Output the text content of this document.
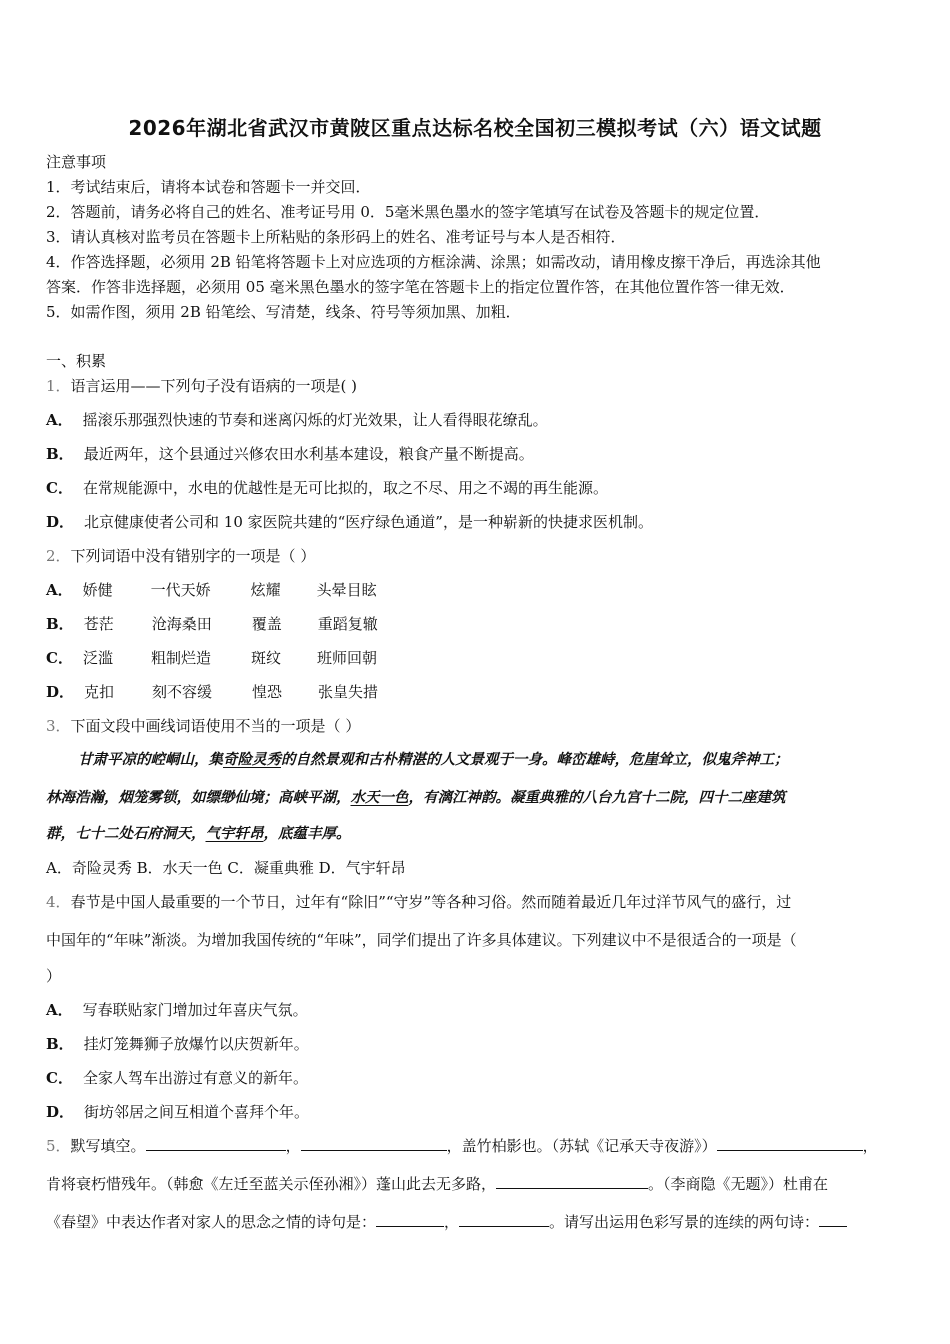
2026年湖北省武汉市黄陂区重点达标名校全国初三模拟考试（六）语文试题
注意事项
1．考试结束后，请将本试卷和答题卡一并交回．
2．答题前，请务必将自己的姓名、准考证号用 0．5毫米黑色墨水的签字笔填写在试卷及答题卡的规定位置．
3．请认真核对监考员在答题卡上所粘贴的条形码上的姓名、准考证号与本人是否相符．
4．作答选择题，必须用 2B 铅笔将答题卡上对应选项的方框涂满、涂黑；如需改动，请用橡皮擦干净后，再选涂其他
答案．作答非选择题，必须用 05 毫米黑色墨水的签字笔在答题卡上的指定位置作答，在其他位置作答一律无效．
5．如需作图，须用 2B 铅笔绘、写清楚，线条、符号等须加黑、加粗．
一、积累
1．语言运用——下列句子没有语病的一项是( )
A． 摇滚乐那强烈快速的节奏和迷离闪烁的灯光效果，让人看得眼花缭乱。
B． 最近两年，这个县通过兴修农田水利基本建设，粮食产量不断提高。
C． 在常规能源中，水电的优越性是无可比拟的，取之不尽、用之不竭的再生能源。
D． 北京健康使者公司和 10 家医院共建的“医疗绿色通道”，是一种崭新的快捷求医机制。
2．下列词语中没有错别字的一项是（ ）
A． 娇健	一代天娇	炫耀 头晕目眩
B． 苍茫	沧海桑田	覆盖 重蹈复辙
C． 泛滥	粗制烂造	斑纹 班师回朝
D． 克扣	刻不容缓	惶恐 张皇失措
3．下面文段中画线词语使用不当的一项是（ ）
甘肃平凉的崆峒山，集奇险灵秀的自然景观和古朴精湛的人文景观于一身。峰峦雄峙，危崖耸立，似鬼斧神工；
林海浩瀚，烟笼雾锁，如缥缈仙境；高峡平湖，水天一色，有漓江神韵。凝重典雅的八台九宫十二院，四十二座建筑
群，七十二处石府洞天，气宇轩昂，底蕴丰厚。
A．奇险灵秀 B．水天一色 C．凝重典雅 D．气宇轩昂
4．春节是中国人最重要的一个节日，过年有“除旧”“守岁”等各种习俗。然而随着最近几年过洋节风气的盛行，过
中国年的“年味”渐淡。为增加我国传统的“年味”，同学们提出了许多具体建议。下列建议中不是很适合的一项是（
）
A． 写春联贴家门增加过年喜庆气氛。
B． 挂灯笼舞狮子放爆竹以庆贺新年。
C． 全家人驾车出游过有意义的新年。
D． 街坊邻居之间互相道个喜拜个年。
5．默写填空。	，	，盖竹柏影也。（苏轼《记承天寺夜游》）	，
肯将衰朽惜残年。（韩愈《左迁至蓝关示侄孙湘》）蓬山此去无多路，	。（李商隐《无题》）杜甫在
《春望》中表达作者对家人的思念之情的诗句是：	，	。请写出运用色彩写景的连续的两句诗：
